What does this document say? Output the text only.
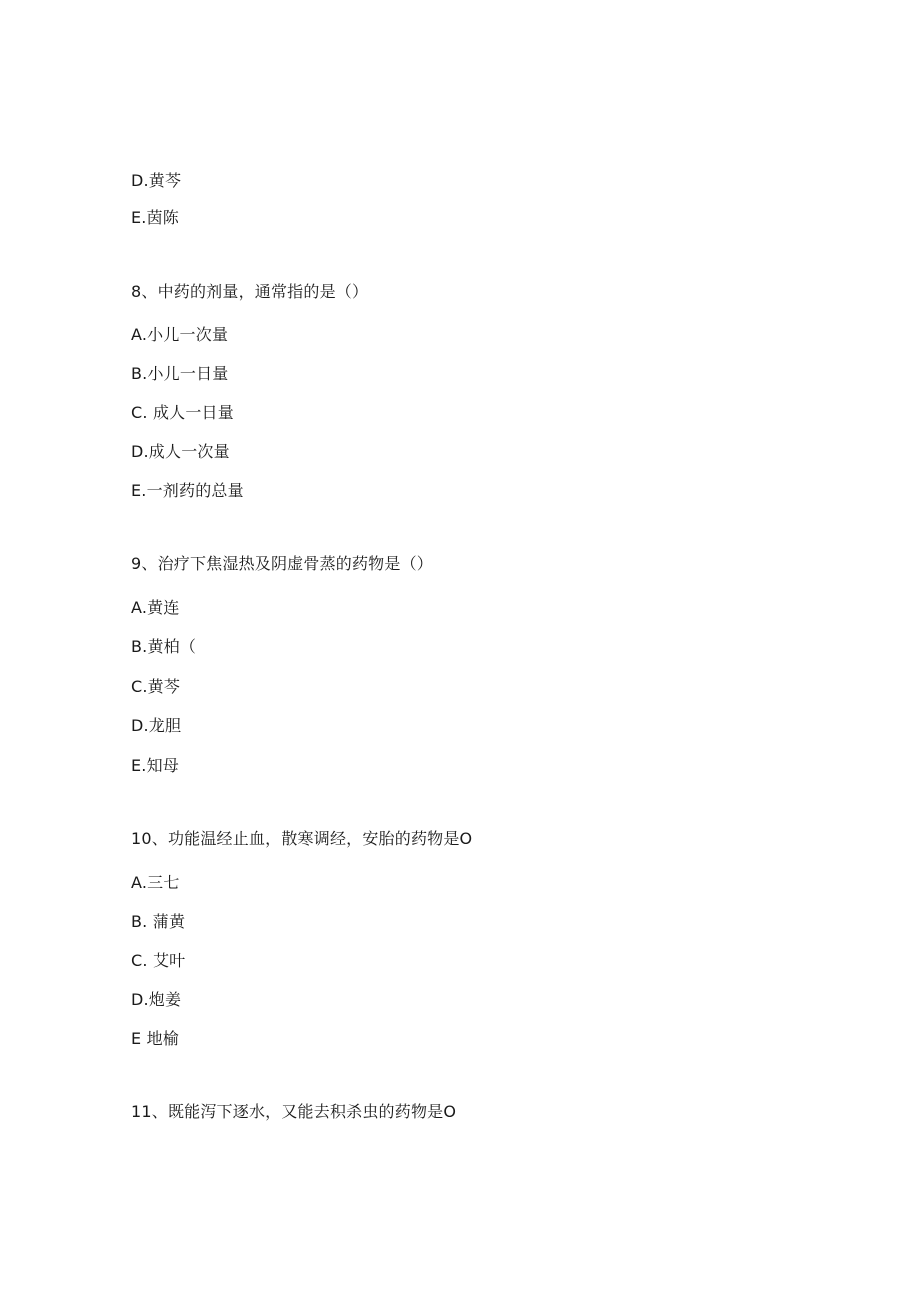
D.黄芩
E.茵陈
8、中药的剂量，通常指的是（）
A.小儿一次量
B.小儿一日量
C. 成人一日量
D.成人一次量
E.一剂药的总量
9、治疗下焦湿热及阴虚骨蒸的药物是（）
A.黄连
B.黄柏（
C.黄芩
D.龙胆
E.知母
10、功能温经止血，散寒调经，安胎的药物是O
A.三七
B. 蒲黄
C. 艾叶
D.炮姜
E 地榆
11、既能泻下逐水，又能去积杀虫的药物是O
